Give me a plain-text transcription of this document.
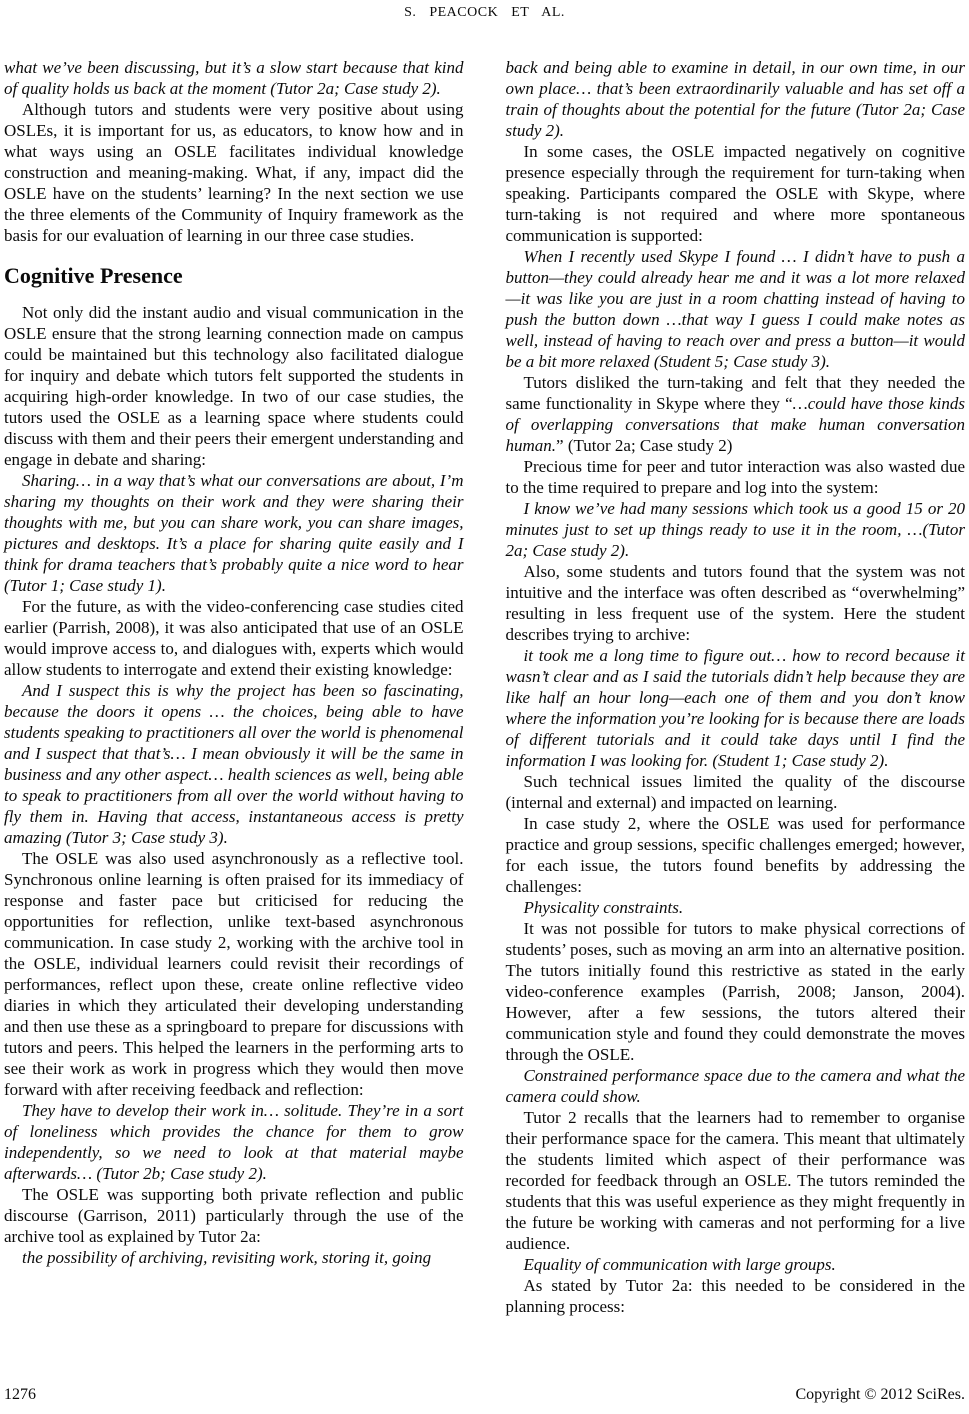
S. PEACOCK ET AL.

what we’ve been discussing, but it’s a slow start because that kind of quality holds us back at the moment (Tutor 2a; Case study 2).

Although tutors and students were very positive about using OSLEs, it is important for us, as educators, to know how and in what ways using an OSLE facilitates individual knowledge construction and meaning-making. What, if any, impact did the OSLE have on the students’ learning? In the next section we use the three elements of the Community of Inquiry framework as the basis for our evaluation of learning in our three case studies.

Cognitive Presence

Not only did the instant audio and visual communication in the OSLE ensure that the strong learning connection made on campus could be maintained but this technology also facilitated dialogue for inquiry and debate which tutors felt supported the students in acquiring high-order knowledge. In two of our case studies, the tutors used the OSLE as a learning space where students could discuss with them and their peers their emergent understanding and engage in debate and sharing:

Sharing… in a way that’s what our conversations are about, I’m sharing my thoughts on their work and they were sharing their thoughts with me, but you can share work, you can share images, pictures and desktops. It’s a place for sharing quite easily and I think for drama teachers that’s probably quite a nice word to hear (Tutor 1; Case study 1).

For the future, as with the video-conferencing case studies cited earlier (Parrish, 2008), it was also anticipated that use of an OSLE would improve access to, and dialogues with, experts which would allow students to interrogate and extend their existing knowledge:

And I suspect this is why the project has been so fascinating, because the doors it opens … the choices, being able to have students speaking to practitioners all over the world is phenomenal and I suspect that that’s… I mean obviously it will be the same in business and any other aspect… health sciences as well, being able to speak to practitioners from all over the world without having to fly them in. Having that access, instantaneous access is pretty amazing (Tutor 3; Case study 3).

The OSLE was also used asynchronously as a reflective tool. Synchronous online learning is often praised for its immediacy of response and faster pace but criticised for reducing the opportunities for reflection, unlike text-based asynchronous communication. In case study 2, working with the archive tool in the OSLE, individual learners could revisit their recordings of performances, reflect upon these, create online reflective video diaries in which they articulated their developing understanding and then use these as a springboard to prepare for discussions with tutors and peers. This helped the learners in the performing arts to see their work as work in progress which they would then move forward with after receiving feedback and reflection:

They have to develop their work in… solitude. They’re in a sort of loneliness which provides the chance for them to grow independently, so we need to look at that material maybe afterwards… (Tutor 2b; Case study 2).

The OSLE was supporting both private reflection and public discourse (Garrison, 2011) particularly through the use of the archive tool as explained by Tutor 2a:

the possibility of archiving, revisiting work, storing it, going

back and being able to examine in detail, in our own time, in our own place… that’s been extraordinarily valuable and has set off a train of thoughts about the potential for the future (Tutor 2a; Case study 2).

In some cases, the OSLE impacted negatively on cognitive presence especially through the requirement for turn-taking when speaking. Participants compared the OSLE with Skype, where turn-taking is not required and where more spontaneous communication is supported:

When I recently used Skype I found … I didn’t have to push a button—they could already hear me and it was a lot more relaxed—it was like you are just in a room chatting instead of having to push the button down …that way I guess I could make notes as well, instead of having to reach over and press a button—it would be a bit more relaxed (Student 5; Case study 3).

Tutors disliked the turn-taking and felt that they needed the same functionality in Skype where they “…could have those kinds of overlapping conversations that make human conversation human.” (Tutor 2a; Case study 2)

Precious time for peer and tutor interaction was also wasted due to the time required to prepare and log into the system:

I know we’ve had many sessions which took us a good 15 or 20 minutes just to set up things ready to use it in the room, …(Tutor 2a; Case study 2).

Also, some students and tutors found that the system was not intuitive and the interface was often described as “overwhelming” resulting in less frequent use of the system. Here the student describes trying to archive:

it took me a long time to figure out… how to record because it wasn’t clear and as I said the tutorials didn’t help because they are like half an hour long—each one of them and you don’t know where the information you’re looking for is because there are loads of different tutorials and it could take days until I find the information I was looking for. (Student 1; Case study 2).

Such technical issues limited the quality of the discourse (internal and external) and impacted on learning.

In case study 2, where the OSLE was used for performance practice and group sessions, specific challenges emerged; however, for each issue, the tutors found benefits by addressing the challenges:

Physicality constraints.

It was not possible for tutors to make physical corrections of students’ poses, such as moving an arm into an alternative position. The tutors initially found this restrictive as stated in the early video-conference examples (Parrish, 2008; Janson, 2004). However, after a few sessions, the tutors altered their communication style and found they could demonstrate the moves through the OSLE.

Constrained performance space due to the camera and what the camera could show.

Tutor 2 recalls that the learners had to remember to organise their performance space for the camera. This meant that ultimately the students limited which aspect of their performance was recorded for feedback through an OSLE. The tutors reminded the students that this was useful experience as they might frequently in the future be working with cameras and not performing for a live audience.

Equality of communication with large groups.

As stated by Tutor 2a: this needed to be considered in the planning process:

1276	Copyright © 2012 SciRes.
